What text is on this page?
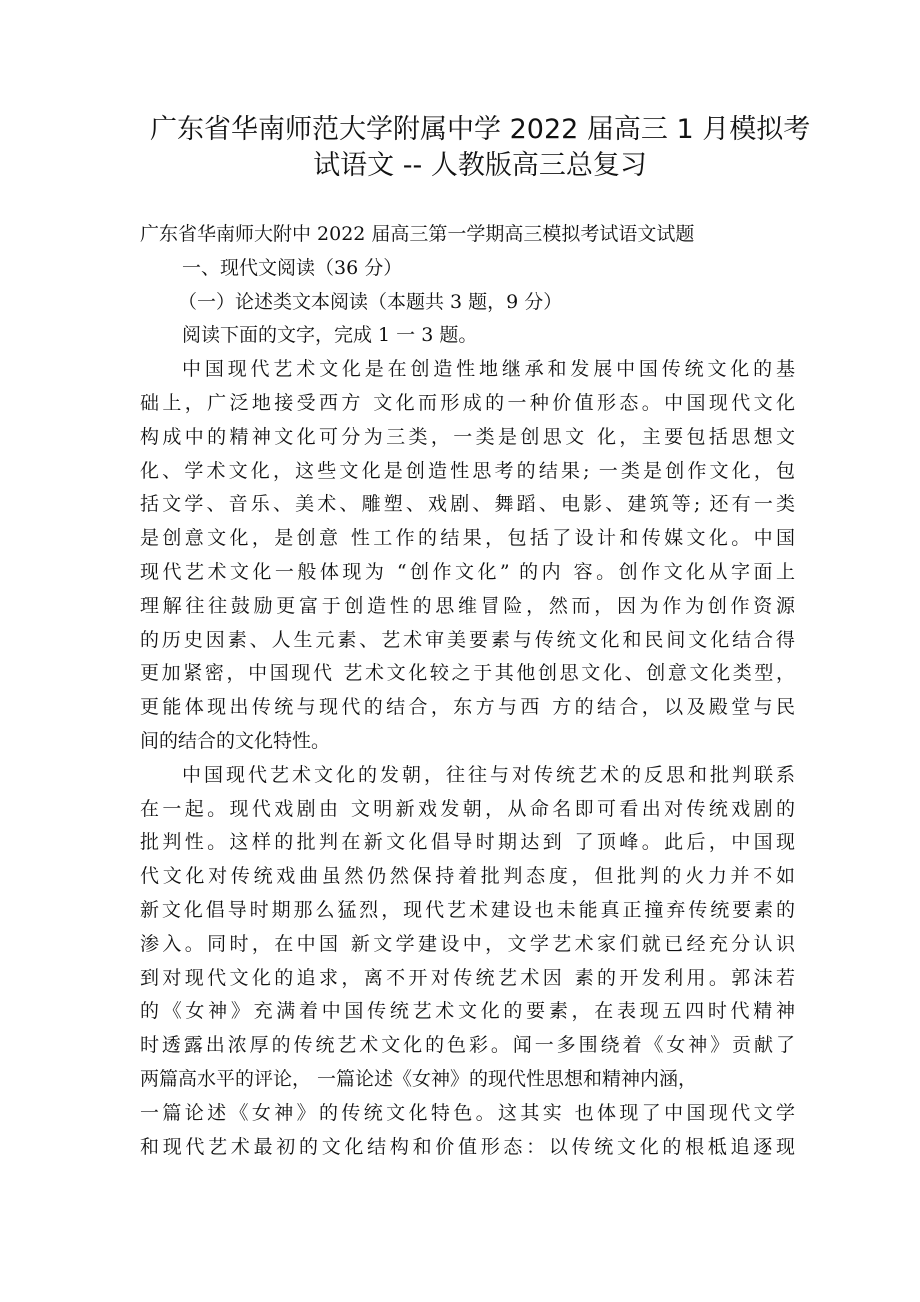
广东省华南师范大学附属中学 2022 届高三 1 月模拟考
试语文 -- 人教版高三总复习
广东省华南师大附中 2022 届高三第一学期高三模拟考试语文试题
一、现代文阅读（36 分）
（一）论述类文本阅读（本题共 3 题，9 分）
阅读下面的文字，完成 1 一 3 题。
中国现代艺术文化是在创造性地继承和发展中国传统文化的基
础上，广泛地接受西方 文化而形成的一种价值形态。中国现代文化
构成中的精神文化可分为三类，一类是创思文 化，主要包括思想文
化、学术文化，这些文化是创造性思考的结果; 一类是创作文化，包
括文学、音乐、美术、雕塑、戏剧、舞蹈、电影、建筑等; 还有一类
是创意文化，是创意 性工作的结果，包括了设计和传媒文化。中国
现代艺术文化一般体现为 “创作文化” 的内 容。创作文化从字面上
理解往往鼓励更富于创造性的思维冒险，然而，因为作为创作资源
的历史因素、人生元素、艺术审美要素与传统文化和民间文化结合得
更加紧密，中国现代 艺术文化较之于其他创思文化、创意文化类型，
更能体现出传统与现代的结合，东方与西 方的结合，以及殿堂与民
间的结合的文化特性。
中国现代艺术文化的发朝，往往与对传统艺术的反思和批判联系
在一起。现代戏剧由 文明新戏发朝，从命名即可看出对传统戏剧的
批判性。这样的批判在新文化倡导时期达到 了顶峰。此后，中国现
代文化对传统戏曲虽然仍然保持着批判态度，但批判的火力并不如
新文化倡导时期那么猛烈，现代艺术建设也未能真正撞弃传统要素的
渗入。同时，在中国 新文学建设中，文学艺术家们就已经充分认识
到对现代文化的追求，离不开对传统艺术因 素的开发利用。郭沫若
的《女神》充满着中国传统艺术文化的要素，在表现五四时代精神
时透露出浓厚的传统艺术文化的色彩。闻一多围绕着《女神》贡献了
两篇高水平的评论， 一篇论述《女神》的现代性思想和精神内涵，
一篇论述《女神》的传统文化特色。这其实 也体现了中国现代文学
和现代艺术最初的文化结构和价值形态：以传统文化的根柢追逐现
